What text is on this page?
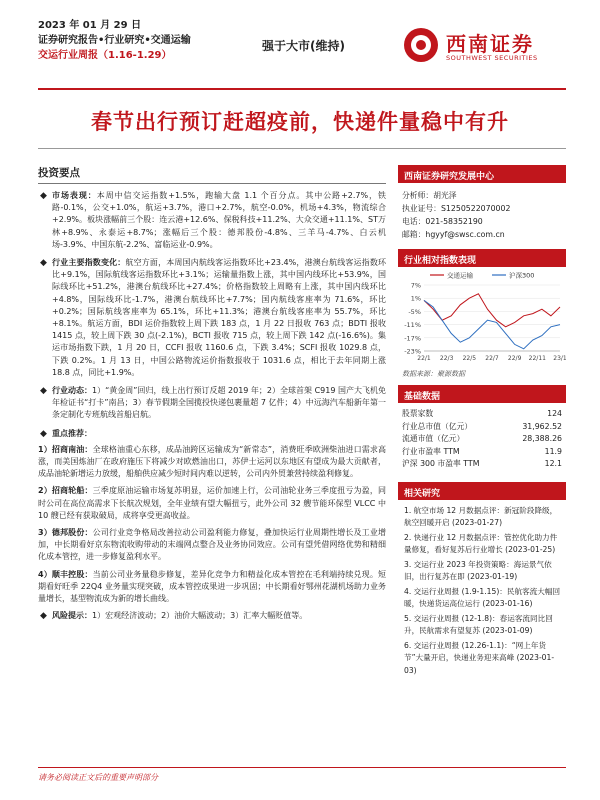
2023 年 01 月 29 日
证券研究报告•行业研究•交通运输
交运行业周报（1.16-1.29）
强于大市(维持)	西南证券
SOUTHWEST SECURITIES
春节出行预订赶超疫前，快递件量稳中有升
投资要点
◆ 市场表现：本周中信交运指数+1.5%，跑输大盘 1.1 个百分点。其中公路+2.7%，铁路-0.1%，公交+1.0%，航运+3.7%，港口+2.7%，航空-0.0%，机场+4.3%，物流综合+2.9%。板块涨幅前三个股：连云港+12.6%、保税科技+11.2%、大众交通+11.1%、ST万林+8.9%、永泰运+8.7%；涨幅后三个股：德邦股份-4.8%、三羊马-4.7%、白云机场-3.9%、中国东航-2.2%、富临运业-0.9%。
◆ 行业主要指数变化：航空方面，本周国内航线客运指数环比+23.4%，港澳台航线客运指数环比+9.1%，国际航线客运指数环比+3.1%；运输量指数上涨，其中国内线环比+53.9%，国际线环比+51.2%，港澳台航线环比+27.4%；价格指数较上周略有上涨，其中国内线环比+4.8%，国际线环比-1.7%，港澳台航线环比+7.7%；国内航线客座率为 71.6%，环比+0.2%；国际航线客座率为 65.1%，环比+11.3%；港澳台航线客座率为 55.7%，环比+8.1%。航运方面，BDI 运价指数较上周下跌 183 点，1 月 22 日报收 763 点；BDTI 报收 1415 点，较上周下跌 30 点(-2.1%)，BCTI 报收 715 点，较上周下跌 142 点(-16.6%)。集运市场指数下跌，1 月 20 日，CCFI 报收 1160.6 点，下跌 3.4%；SCFI 报收 1029.8 点，下跌 0.2%。1 月 13 日，中国公路物流运价指数报收于 1031.6 点，相比于去年同期上涨 18.8 点，同比+1.9%。
◆ 行业动态：1）“黄金周”回归，线上出行预订反超 2019 年；2）全球首架 C919 国产大飞机免年检证书“打卡”南昌；3）春节假期全国揽投快递包裹量超 7 亿件；4）中远海汽车船新年第一条定制化专班航线首船启航。
◆ 重点推荐：
1）招商南油：全球格油重心东移，成品油跨区运输成为“新常态”，消费旺季欧洲柴油进口需求高涨，而美国炼油厂在政府施压下将减少对欧燃油出口，苏伊士运河以东地区有望成为最大贡献者，成品油轮新增运力放缓，船舶供应减少短时间内难以逆转，公司内外贸兼营持续盈利修复。
2）招商轮船：三季度原油运输市场复苏明显，运价加速上行，公司油轮业务三季度扭亏为盈，同时公司在高位高需求下长航次规划，全年业绩有望大幅扭亏，此外公司 32 艘节能环保型 VLCC 中 10 艘已经有获取破局，成将享受更高收益。
3）德邦股份：公司行业竞争格局改善拉动公司盈利能力修复，叠加快运行业周期性增长及工业增加，中长期看好京东物流收购带动的末端网点整合及业务协同效应。公司有望凭借网络优势和精细化成本管控，进一步修复盈利水平。
4）顺丰控股：当前公司业务量稳步修复，差异化竞争力和精益化成本管控在毛利端持续兑现。短期看好旺季 22Q4 业务量实现突破，成本管控成果进一步巩固；中长期看好鄂州花湖机场助力业务量增长，基型物流成为新的增长曲线。
◆ 风险提示：1）宏观经济波动；2）油价大幅波动；3）汇率大幅贬值等。
西南证券研究发展中心
分析师：胡光泽
执业证号：S1250522070002
电话：021-58352190
邮箱：hgyyf@swsc.com.cn
行业相对指数表现
7%
1%
-5%
-11%
-17%
-23%
22/1 22/3 22/5 22/7 22/9 22/11 23/1
交通运输	沪深300
数据来源：聚源数据
基础数据
股票家数	124
行业总市值（亿元）	31,962.52
流通市值（亿元）	28,388.26
行业市盈率 TTM	11.9
沪深 300 市盈率 TTM	12.1
相关研究
1. 航空市场 12 月数据点评：新冠阶段降级，航空回暖开启 (2023-01-27)
2. 快递行业 12 月数据点评：管控优化助力件量修复，看好复苏后行业增长 (2023-01-25)
3. 交运行业 2023 年投资策略：海运景气依旧，出行复苏在即 (2023-01-19)
4. 交运行业周报 (1.9-1.15)：民航客流大幅回暖，快递货运高位运行 (2023-01-16)
5. 交运行业周报 (12-1.8)：春运客流同比回升，民航需求有望复苏 (2023-01-09)
6. 交运行业周报 (12.26-1.1)：“网上年货节”大量开启，快递业务迎来高峰 (2023-01-03)
请务必阅读正文后的重要声明部分
